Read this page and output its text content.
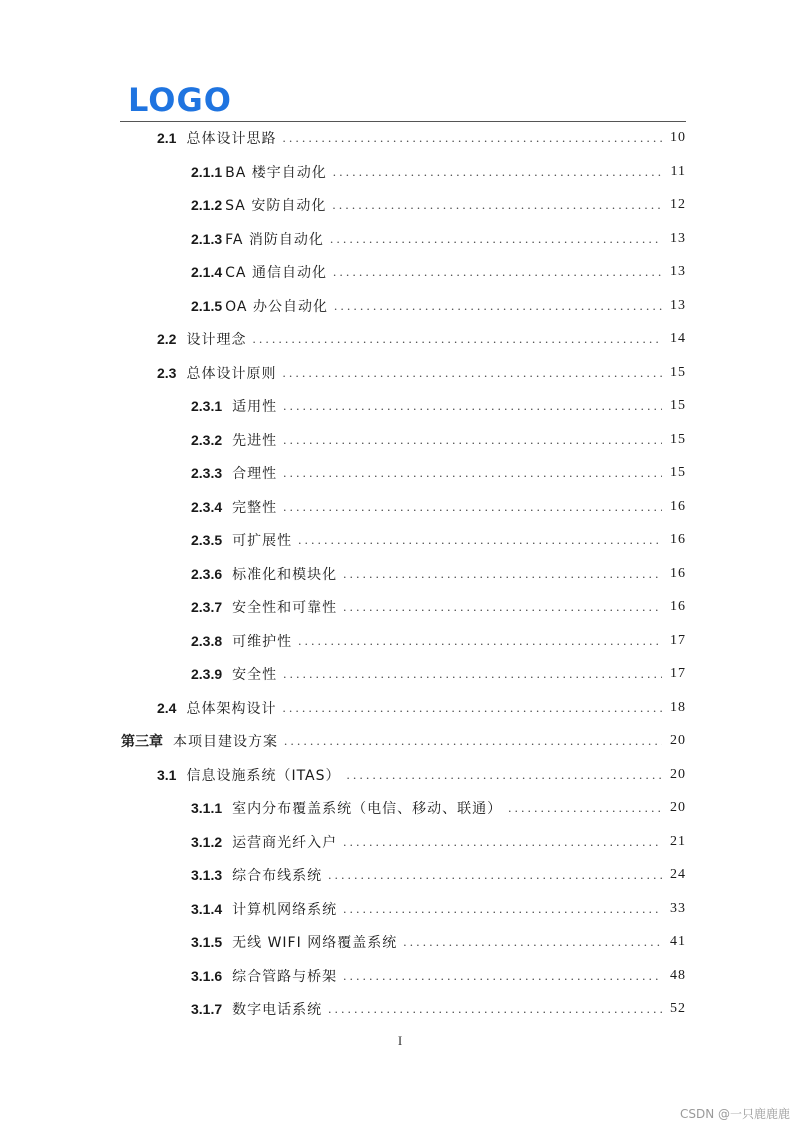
LOGO
2.1 总体设计思路 . . .	10
2.1.1 BA 楼宇自动化 . . .	11
2.1.2 SA 安防自动化 . . .	12
2.1.3 FA 消防自动化 . . .	13
2.1.4 CA 通信自动化 . . .	13
2.1.5 OA 办公自动化 . . .	13
2.2 设计理念 . . .	14
2.3 总体设计原则 . . .	15
2.3.1 适用性 . . .	15
2.3.2 先进性 . . .	15
2.3.3 合理性 . . .	15
2.3.4 完整性 . . .	16
2.3.5 可扩展性 . . .	16
2.3.6 标准化和模块化 . . .	16
2.3.7 安全性和可靠性 . . .	16
2.3.8 可维护性 . . .	17
2.3.9 安全性 . . .	17
2.4 总体架构设计 . . .	18
第三章 本项目建设方案 . . .	20
3.1 信息设施系统（ITAS） . . .	20
3.1.1 室内分布覆盖系统（电信、移动、联通） . . .	20
3.1.2 运营商光纤入户 . . .	21
3.1.3 综合布线系统 . . .	24
3.1.4 计算机网络系统 . . .	33
3.1.5 无线 WIFI 网络覆盖系统 . . .	41
3.1.6 综合管路与桥架 . . .	48
3.1.7 数字电话系统 . . .	52
I
CSDN @一只鹿鹿鹿
